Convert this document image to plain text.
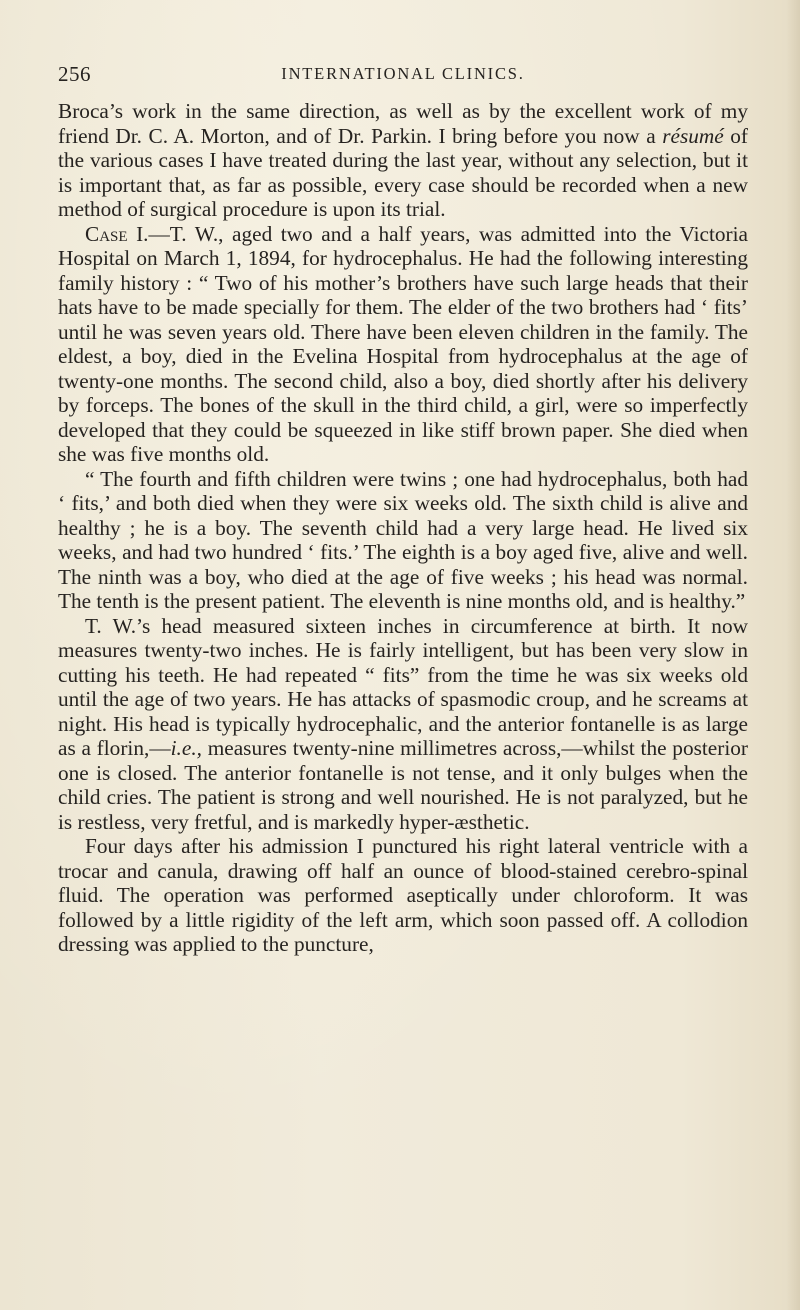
256	INTERNATIONAL CLINICS.

Broca’s work in the same direction, as well as by the excellent work of my friend Dr. C. A. Morton, and of Dr. Parkin. I bring before you now a résumé of the various cases I have treated during the last year, without any selection, but it is important that, as far as possible, every case should be recorded when a new method of surgical procedure is upon its trial.

Case I.—T. W., aged two and a half years, was admitted into the Victoria Hospital on March 1, 1894, for hydrocephalus. He had the following interesting family history : “ Two of his mother’s brothers have such large heads that their hats have to be made specially for them. The elder of the two brothers had ‘ fits’ until he was seven years old. There have been eleven children in the family. The eldest, a boy, died in the Evelina Hospital from hydrocephalus at the age of twenty-one months. The second child, also a boy, died shortly after his delivery by forceps. The bones of the skull in the third child, a girl, were so imperfectly developed that they could be squeezed in like stiff brown paper. She died when she was five months old.

“ The fourth and fifth children were twins ; one had hydrocephalus, both had ‘ fits,’ and both died when they were six weeks old. The sixth child is alive and healthy ; he is a boy. The seventh child had a very large head. He lived six weeks, and had two hundred ‘ fits.’ The eighth is a boy aged five, alive and well. The ninth was a boy, who died at the age of five weeks ; his head was normal. The tenth is the present patient. The eleventh is nine months old, and is healthy.”

T. W.’s head measured sixteen inches in circumference at birth. It now measures twenty-two inches. He is fairly intelligent, but has been very slow in cutting his teeth. He had repeated “ fits” from the time he was six weeks old until the age of two years. He has attacks of spasmodic croup, and he screams at night. His head is typically hydrocephalic, and the anterior fontanelle is as large as a florin,—i.e., measures twenty-nine millimetres across,—whilst the posterior one is closed. The anterior fontanelle is not tense, and it only bulges when the child cries. The patient is strong and well nourished. He is not paralyzed, but he is restless, very fretful, and is markedly hyper-æsthetic.

Four days after his admission I punctured his right lateral ventricle with a trocar and canula, drawing off half an ounce of blood-stained cerebro-spinal fluid. The operation was performed aseptically under chloroform. It was followed by a little rigidity of the left arm, which soon passed off. A collodion dressing was applied to the puncture,
